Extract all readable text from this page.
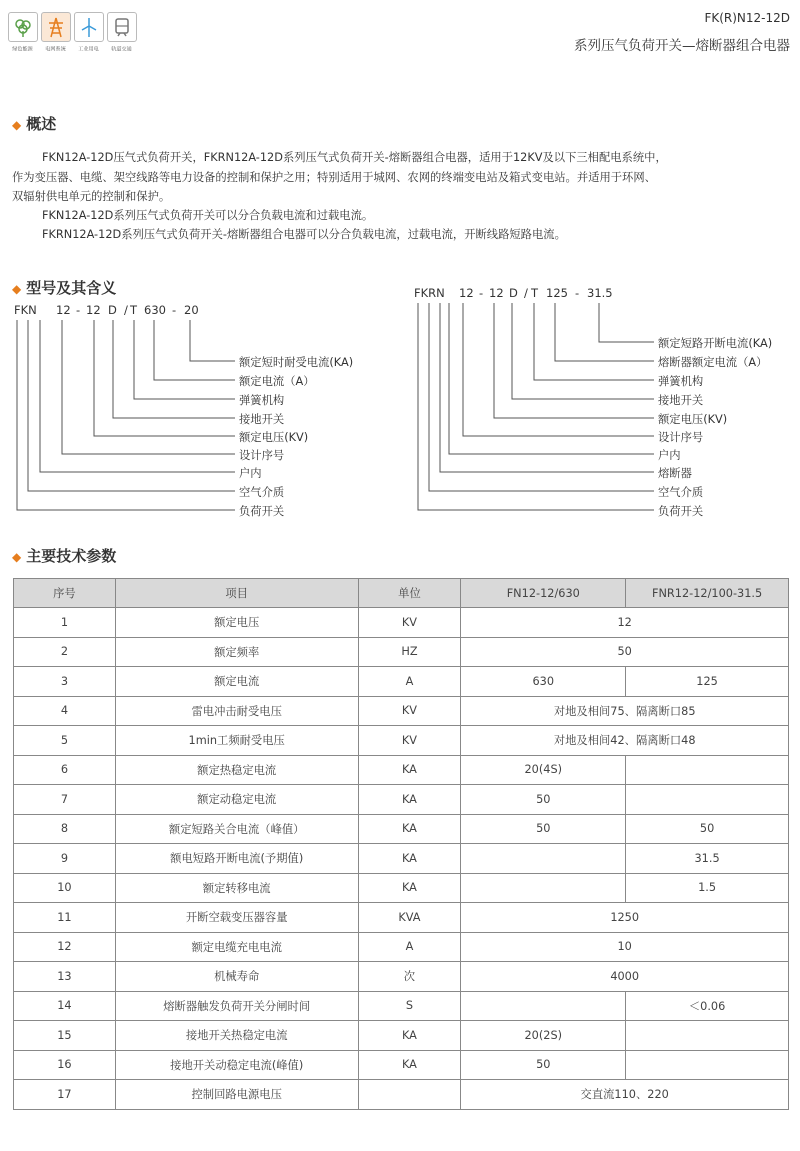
绿色能源	电网系统	工业用电	轨道交通
FK(R)N12-12D
系列压气负荷开关—熔断器组合电器
◆ 概述
FKN12A-12D压气式负荷开关，FKRN12A-12D系列压气式负荷开关-熔断器组合电器，适用于12KV及以下三相配电系统中，
作为变压器、电缆、架空线路等电力设备的控制和保护之用；特别适用于城网、农网的终端变电站及箱式变电站。并适用于环网、
双辐射供电单元的控制和保护。
FKN12A-12D系列压气式负荷开关可以分合负载电流和过载电流。
FKRN12A-12D系列压气式负荷开关-熔断器组合电器可以分合负载电流，过载电流，开断线路短路电流。
◆ 型号及其含义
FKN 12 - 12 D / T 630 - 20
FKRN 12 - 12 D / T 125 - 31.5
额定短时耐受电流(KA)
额定电流（A）
弹簧机构
接地开关
额定电压(KV)
设计序号
户内
空气介质
负荷开关
额定短路开断电流(KA)
熔断器额定电流（A）
弹簧机构
接地开关
额定电压(KV)
设计序号
户内
熔断器
空气介质
负荷开关
◆ 主要技术参数
序号	项目	单位	FN12-12/630	FNR12-12/100-31.5
1	额定电压	KV	12	
2	额定频率	HZ	50	
3	额定电流	A	630	125
4	雷电冲击耐受电压	KV	对地及相间75、隔离断口85	
5	1min工频耐受电压	KV	对地及相间42、隔离断口48	
6	额定热稳定电流	KA	20(4S)	
7	额定动稳定电流	KA	50	
8	额定短路关合电流（峰值）	KA	50	50
9	额电短路开断电流(予期值)	KA		31.5
10	额定转移电流	KA		1.5
11	开断空载变压器容量	KVA	1250	
12	额定电缆充电电流	A	10	
13	机械寿命	次	4000	
14	熔断器触发负荷开关分闸时间	S		＜0.06
15	接地开关热稳定电流	KA	20(2S)	
16	接地开关动稳定电流(峰值)	KA	50	
17	控制回路电源电压		交直流110、220	
